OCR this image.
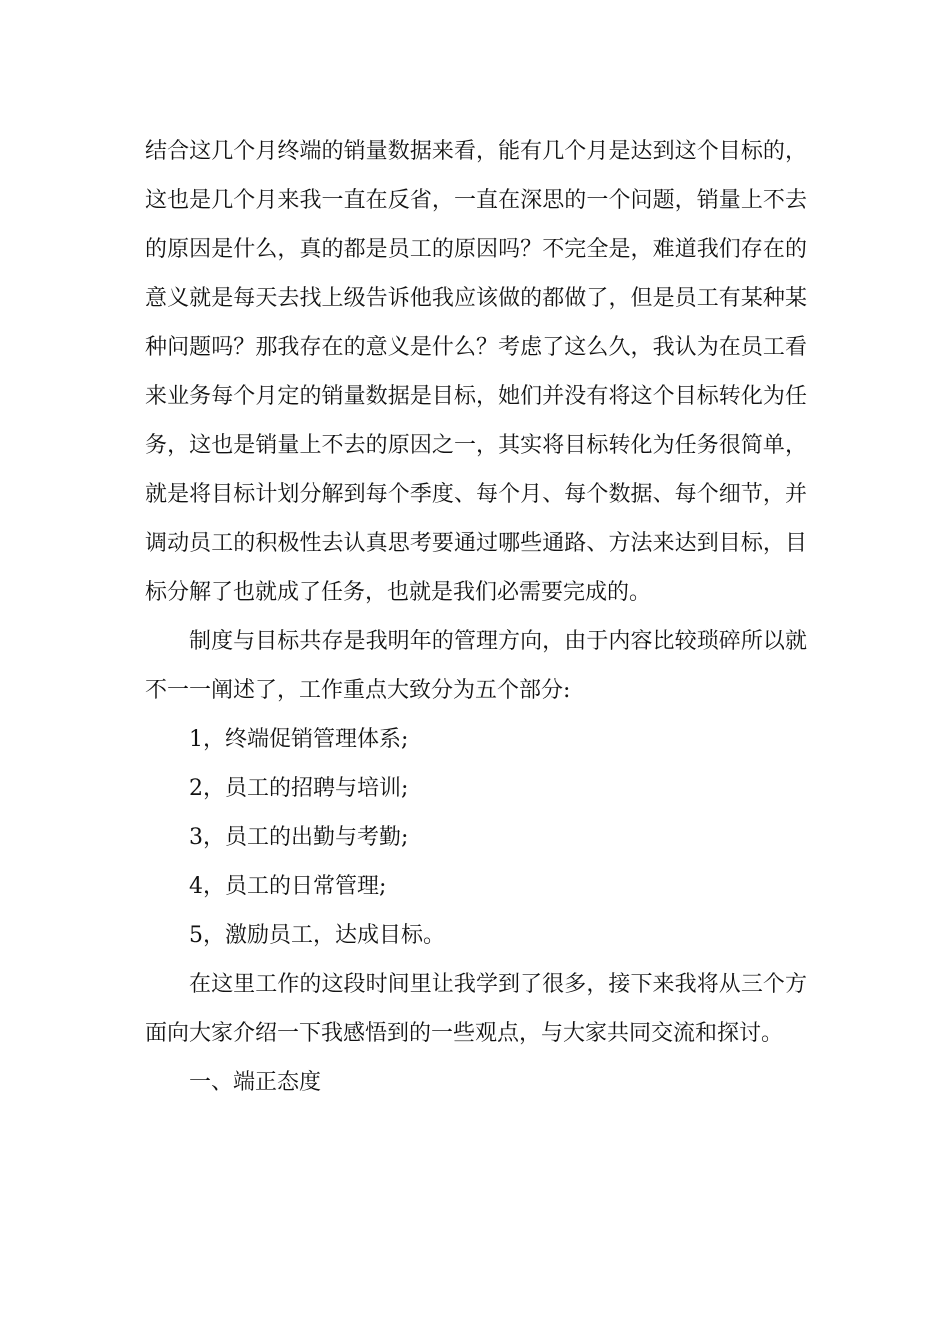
结合这几个月终端的销量数据来看，能有几个月是达到这个目标的，这也是几个月来我一直在反省，一直在深思的一个问题，销量上不去的原因是什么，真的都是员工的原因吗？不完全是，难道我们存在的意义就是每天去找上级告诉他我应该做的都做了，但是员工有某种某种问题吗？那我存在的意义是什么？考虑了这么久，我认为在员工看来业务每个月定的销量数据是目标，她们并没有将这个目标转化为任务，这也是销量上不去的原因之一，其实将目标转化为任务很简单，就是将目标计划分解到每个季度、每个月、每个数据、每个细节，并调动员工的积极性去认真思考要通过哪些通路、方法来达到目标，目标分解了也就成了任务，也就是我们必需要完成的。

制度与目标共存是我明年的管理方向，由于内容比较琐碎所以就不一一阐述了，工作重点大致分为五个部分:

1，终端促销管理体系;

2，员工的招聘与培训;

3，员工的出勤与考勤;

4，员工的日常管理;

5，激励员工，达成目标。

在这里工作的这段时间里让我学到了很多，接下来我将从三个方面向大家介绍一下我感悟到的一些观点，与大家共同交流和探讨。

一、端正态度
